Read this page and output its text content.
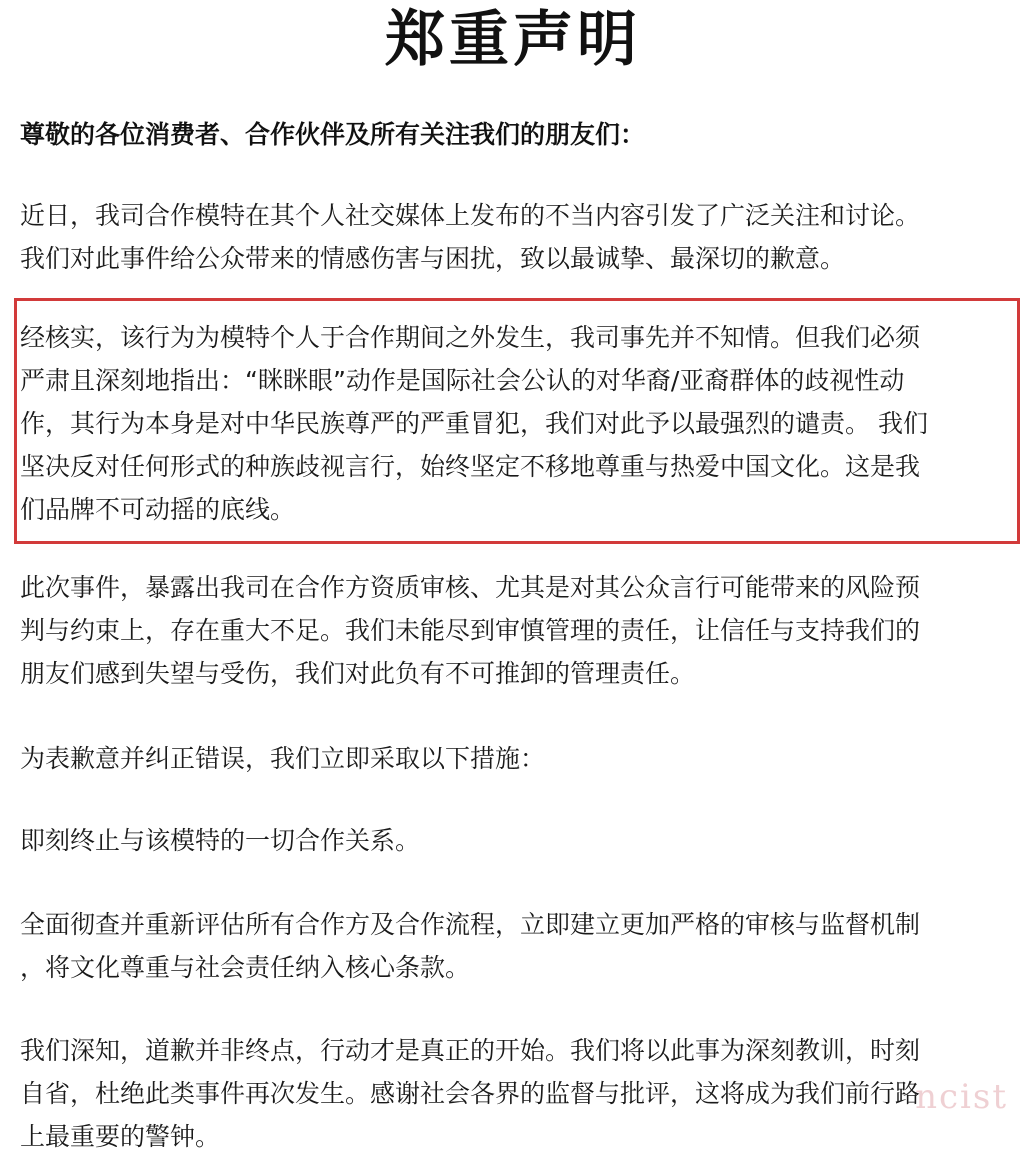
郑重声明
尊敬的各位消费者、合作伙伴及所有关注我们的朋友们：
近日，我司合作模特在其个人社交媒体上发布的不当内容引发了广泛关注和讨论。
我们对此事件给公众带来的情感伤害与困扰，致以最诚挚、最深切的歉意。
经核实，该行为为模特个人于合作期间之外发生，我司事先并不知情。但我们必须
严肃且深刻地指出：“眯眯眼”动作是国际社会公认的对华裔/亚裔群体的歧视性动
作，其行为本身是对中华民族尊严的严重冒犯，我们对此予以最强烈的谴责。 我们
坚决反对任何形式的种族歧视言行，始终坚定不移地尊重与热爱中国文化。这是我
们品牌不可动摇的底线。
此次事件，暴露出我司在合作方资质审核、尤其是对其公众言行可能带来的风险预
判与约束上，存在重大不足。我们未能尽到审慎管理的责任，让信任与支持我们的
朋友们感到失望与受伤，我们对此负有不可推卸的管理责任。
为表歉意并纠正错误，我们立即采取以下措施：
即刻终止与该模特的一切合作关系。
全面彻查并重新评估所有合作方及合作流程，立即建立更加严格的审核与监督机制
，将文化尊重与社会责任纳入核心条款。
我们深知，道歉并非终点，行动才是真正的开始。我们将以此事为深刻教训，时刻
自省，杜绝此类事件再次发生。感谢社会各界的监督与批评，这将成为我们前行路
上最重要的警钟。
ncist
